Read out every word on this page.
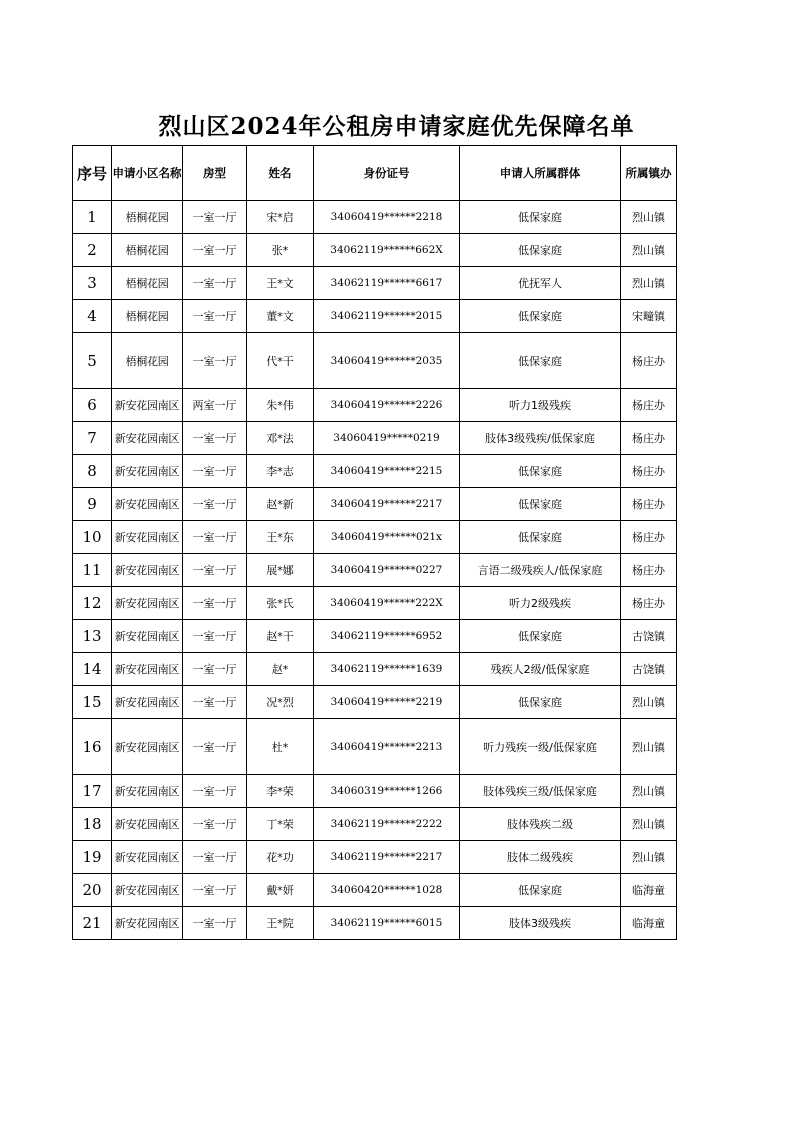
烈山区2024年公租房申请家庭优先保障名单
序号	申请小区名称	房型	姓名	身份证号	申请人所属群体	所属镇办
1	梧桐花园	一室一厅	宋*启	34060419******2218	低保家庭	烈山镇
2	梧桐花园	一室一厅	张*	34062119******662X	低保家庭	烈山镇
3	梧桐花园	一室一厅	王*文	34062119******6617	优抚军人	烈山镇
4	梧桐花园	一室一厅	董*文	34062119******2015	低保家庭	宋疃镇
5	梧桐花园	一室一厅	代*干	34060419******2035	低保家庭	杨庄办
6	新安花园南区	两室一厅	朱*伟	34060419******2226	听力1级残疾	杨庄办
7	新安花园南区	一室一厅	邓*法	34060419*****0219	肢体3级残疾/低保家庭	杨庄办
8	新安花园南区	一室一厅	李*志	34060419******2215	低保家庭	杨庄办
9	新安花园南区	一室一厅	赵*新	34060419******2217	低保家庭	杨庄办
10	新安花园南区	一室一厅	王*东	34060419******021x	低保家庭	杨庄办
11	新安花园南区	一室一厅	展*娜	34060419******0227	言语二级残疾人/低保家庭	杨庄办
12	新安花园南区	一室一厅	张*氏	34060419******222X	听力2级残疾	杨庄办
13	新安花园南区	一室一厅	赵*干	34062119******6952	低保家庭	古饶镇
14	新安花园南区	一室一厅	赵*	34062119******1639	残疾人2级/低保家庭	古饶镇
15	新安花园南区	一室一厅	况*烈	34060419******2219	低保家庭	烈山镇
16	新安花园南区	一室一厅	杜*	34060419******2213	听力残疾一级/低保家庭	烈山镇
17	新安花园南区	一室一厅	李*荣	34060319******1266	肢体残疾三级/低保家庭	烈山镇
18	新安花园南区	一室一厅	丁*荣	34062119******2222	肢体残疾二级	烈山镇
19	新安花园南区	一室一厅	花*功	34062119******2217	肢体二级残疾	烈山镇
20	新安花园南区	一室一厅	戴*妍	34060420******1028	低保家庭	临海童
21	新安花园南区	一室一厅	王*院	34062119******6015	肢体3级残疾	临海童
